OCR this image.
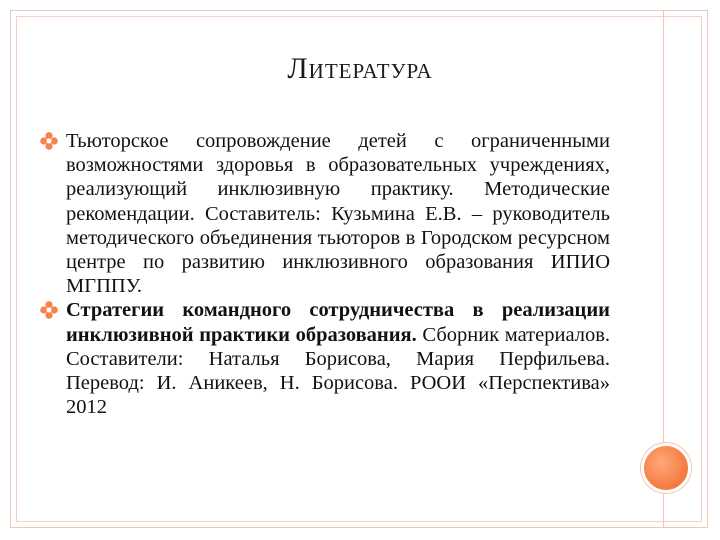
Литература
Тьюторское сопровождение детей с ограниченными возможностями здоровья в образовательных учреждениях, реализующий инклюзивную практику. Методические рекомендации. Составитель: Кузьмина Е.В. – руководитель методического объединения тьюторов в Городском ресурсном центре по развитию инклюзивного образования ИПИО МГППУ.
Стратегии командного сотрудничества в реализации инклюзивной практики образования. Сборник материалов. Составители: Наталья Борисова, Мария Перфильева. Перевод: И. Аникеев, Н. Борисова. РООИ «Перспектива» 2012
